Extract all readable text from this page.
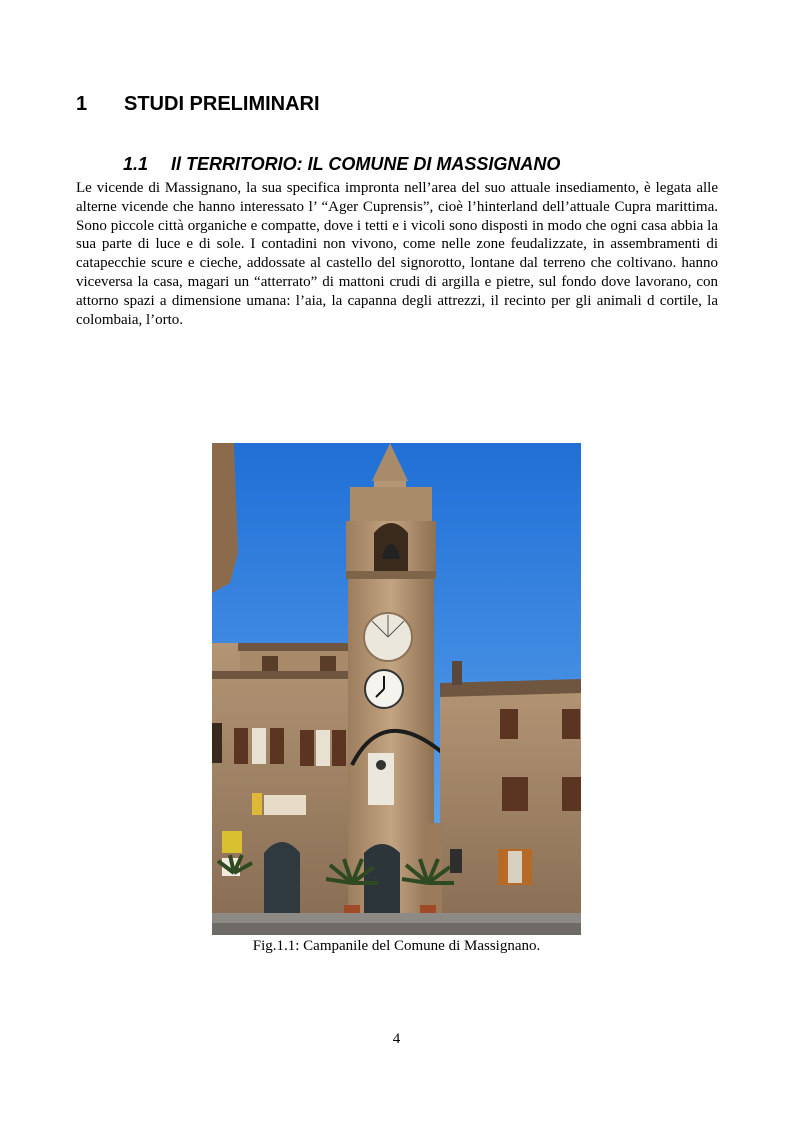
1 STUDI PRELIMINARI
1.1 Il TERRITORIO: IL COMUNE DI MASSIGNANO

Le vicende di Massignano, la sua specifica impronta nell’area del suo attuale insediamento, è legata alle alterne vicende che hanno interessato l’ “Ager Cuprensis”, cioè l’hinterland dell’attuale Cupra marittima. Sono piccole città organiche e compatte, dove i tetti e i vicoli sono disposti in modo che ogni casa abbia la sua parte di luce e di sole. I contadini non vivono, come nelle zone feudalizzate, in assembramenti di catapecchie scure e cieche, addossate al castello del signorotto, lontane dal terreno che coltivano. hanno viceversa la casa, magari un “atterrato” di mattoni crudi di argilla e pietre, sul fondo dove lavorano, con attorno spazi a dimensione umana: l’aia, la capanna degli attrezzi, il recinto per gli animali d cortile, la colombaia, l’orto.

Fig.1.1: Campanile del Comune di Massignano.
4
